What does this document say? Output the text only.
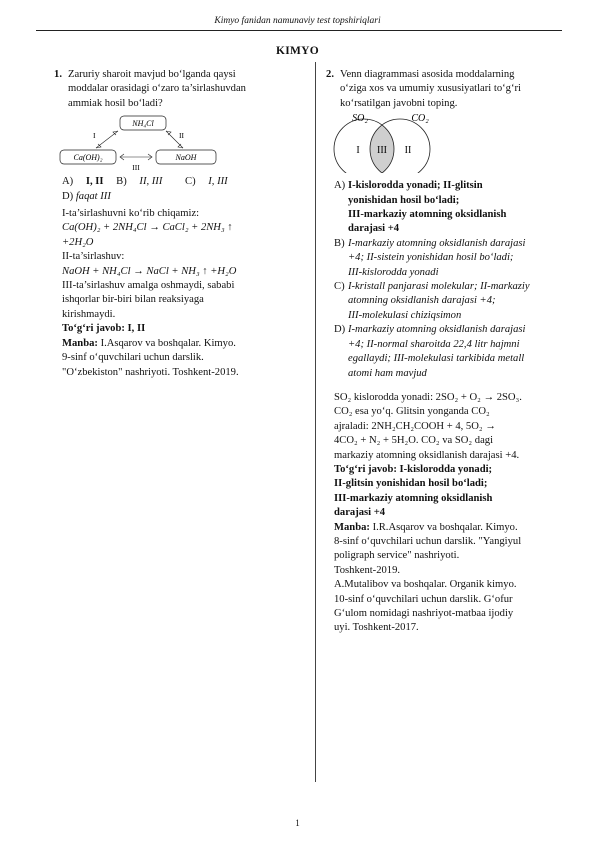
Kimyo fanidan namunaviy test topshiriqlari
KIMYO
1. Zaruriy sharoit mavjud bo‘lganda qaysi
moddalar orasidagi o‘zaro ta’sirlashuvdan
ammiak hosil bo‘ladi?
NH₄Cl
Ca(OH)₂	NaOH
I	II
III
A) I, II B) II, III C) I, III
D) faqat III
I-ta’sirlashuvni ko‘rib chiqamiz:
Ca(OH)₂ + 2NH₄Cl → CaCl₂ + 2NH₃ ↑
+2H₂O
II-ta’sirlashuv:
NaOH + NH₄Cl → NaCl + NH₃ ↑ +H₂O
III-ta’sirlashuv amalga oshmaydi, sababi
ishqorlar bir-biri bilan reaksiyaga
kirishmaydi.
To‘g‘ri javob: I, II
Manba: I.Asqarov va boshqalar. Kimyo.
9-sinf o‘quvchilari uchun darslik.
"O‘zbekiston" nashriyoti. Toshkent-2019.
2. Venn diagrammasi asosida moddalarning
o‘ziga xos va umumiy xususiyatlari to‘g‘ri
ko‘rsatilgan javobni toping.
SO₂	CO₂
I III II
A) I-kislorodda yonadi; II-glitsin
yonishidan hosil bo‘ladi;
III-markaziy atomning oksidlanish
darajasi +4
B) I-markaziy atomning oksidlanish darajasi
+4; II-sistein yonishidan hosil bo‘ladi;
III-kislorodda yonadi
C) I-kristall panjarasi molekular; II-markaziy
atomning oksidlanish darajasi +4;
III-molekulasi chiziqsimon
D) I-markaziy atomning oksidlanish darajasi
+4; II-normal sharoitda 22,4 litr hajmni
egallaydi; III-molekulasi tarkibida metall
atomi ham mavjud
SO₂ kislorodda yonadi: 2SO₂ + O₂ → 2SO₃.
CO₂ esa yo‘q. Glitsin yonganda CO₂
ajraladi: 2NH₂CH₂COOH + 4, 5O₂ →
4CO₂ + N₂ + 5H₂O. CO₂ va SO₂ dagi
markaziy atomning oksidlanish darajasi +4.
To‘g‘ri javob: I-kislorodda yonadi;
II-glitsin yonishidan hosil bo‘ladi;
III-markaziy atomning oksidlanish
darajasi +4
Manba: I.R.Asqarov va boshqalar. Kimyo.
8-sinf o‘quvchilari uchun darslik. "Yangiyul
poligraph service" nashriyoti.
Toshkent-2019.
A.Mutalibov va boshqalar. Organik kimyo.
10-sinf o‘quvchilari uchun darslik. G‘ofur
G‘ulom nomidagi nashriyot-matbaa ijodiy
uyi. Toshkent-2017.
1
